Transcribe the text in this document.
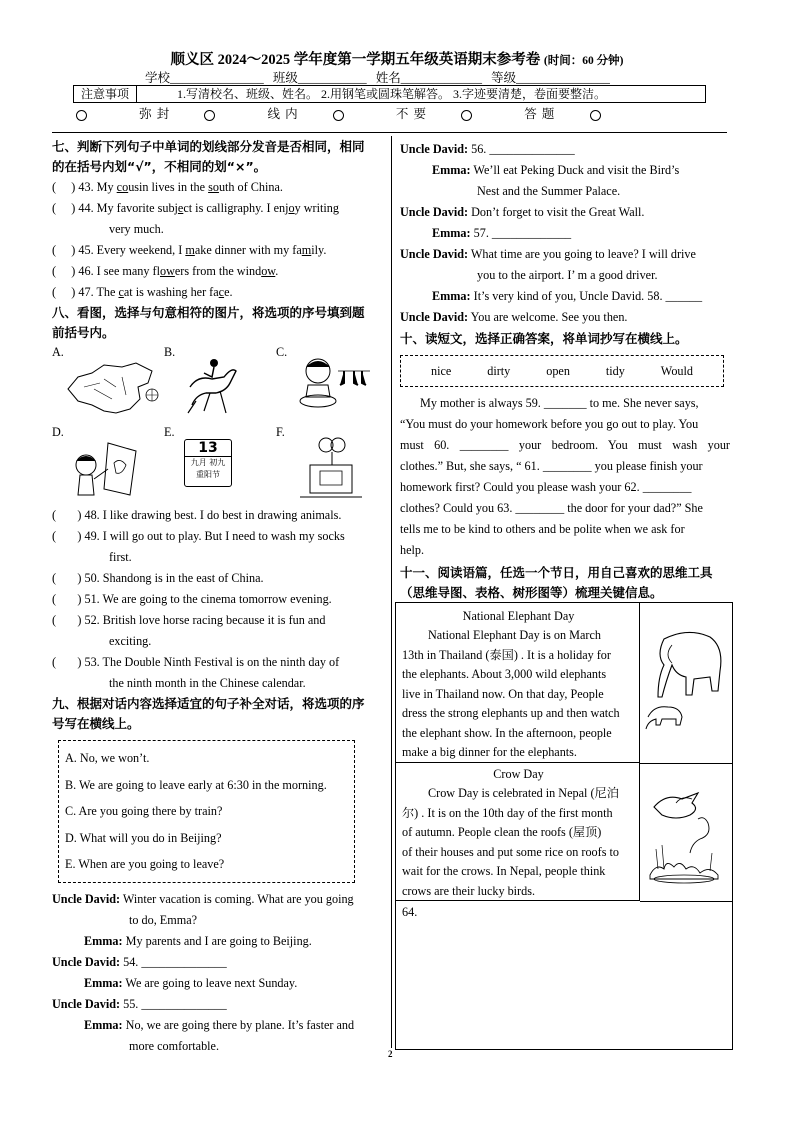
顺义区 2024～2025 学年度第一学期五年级英语期末参考卷 (时间：60 分钟)
学校_______________ 班级___________ 姓名_____________ 等级_______________
注意事项	1.写清校名、班级、姓名。 2.用钢笔或圆珠笔解答。 3.字迹要清楚，卷面要整洁。
弥 封	线 内	不 要	答 题
七、判断下列句子中单词的划线部分发音是否相同，相同
的在括号内划“√”，不相同的划“×”。
(     ) 43. My cousin lives in the south of China.
(     ) 44. My favorite subject is calligraphy. I enjoy writing
very much.
(     ) 45. Every weekend, I make dinner with my family.
(     ) 46. I see many flowers from the window.
(     ) 47. The cat is washing her face.
八、看图，选择与句意相符的图片，将选项的序号填到题
前括号内。
A.	B.	C.
D.	E.	F.
13
九月 初九
重阳节
(       ) 48. I like drawing best. I do best in drawing animals.
(       ) 49. I will go out to play. But I need to wash my socks
first.
(       ) 50. Shandong is in the east of China.
(       ) 51. We are going to the cinema tomorrow evening.
(       ) 52. British love horse racing because it is fun and
exciting.
(       ) 53. The Double Ninth Festival is on the ninth day of
the ninth month in the Chinese calendar.
九、根据对话内容选择适宜的句子补全对话，将选项的序
号写在横线上。
A. No, we won’t.
B. We are going to leave early at 6:30 in the morning.
C. Are you going there by train?
D. What will you do in Beijing?
E. When are you going to leave?
Uncle David: Winter vacation is coming. What are you going
to do, Emma?
Emma: My parents and I are going to Beijing.
Uncle David: 54. ______________
Emma: We are going to leave next Sunday.
Uncle David: 55. ______________
Emma: No, we are going there by plane. It’s faster and
more comfortable.
Uncle David: 56. ______________
Emma: We’ll eat Peking Duck and visit the Bird’s
Nest and the Summer Palace.
Uncle David: Don’t forget to visit the Great Wall.
Emma: 57. _____________
Uncle David: What time are you going to leave? I will drive
you to the airport. I’ m a good driver.
Emma: It’s very kind of you, Uncle David. 58. ______
Uncle David: You are welcome. See you then.
十、读短文，选择正确答案，将单词抄写在横线上。
nice	dirty	open	tidy	Would
My mother is always 59. _______ to me. She never says,
“You must do your homework before you go out to play. You
must 60. ________ your bedroom. You must wash your
clothes.” But, she says, “ 61. ________ you please finish your
homework first? Could you please wash your 62. ________
clothes? Could you 63. ________ the door for your dad?” She
tells me to be kind to others and be polite when we ask for
help.
十一、阅读语篇，任选一个节日，用自己喜欢的思维工具
（思维导图、表格、树形图等）梳理关键信息。
National Elephant Day
National Elephant Day is on March
13th in Thailand (泰国) . It is a holiday for
the elephants. About 3,000 wild elephants
live in Thailand now. On that day, People
dress the strong elephants up and then watch
the elephant show. In the afternoon, people
make a big dinner for the elephants.
Crow Day
Crow Day is celebrated in Nepal (尼泊
尔) . It is on the 10th day of the first month
of autumn. People clean the roofs (屋顶)
of their houses and put some rice on roofs to
wait for the crows. In Nepal, people think
crows are their lucky birds.
64.
2
